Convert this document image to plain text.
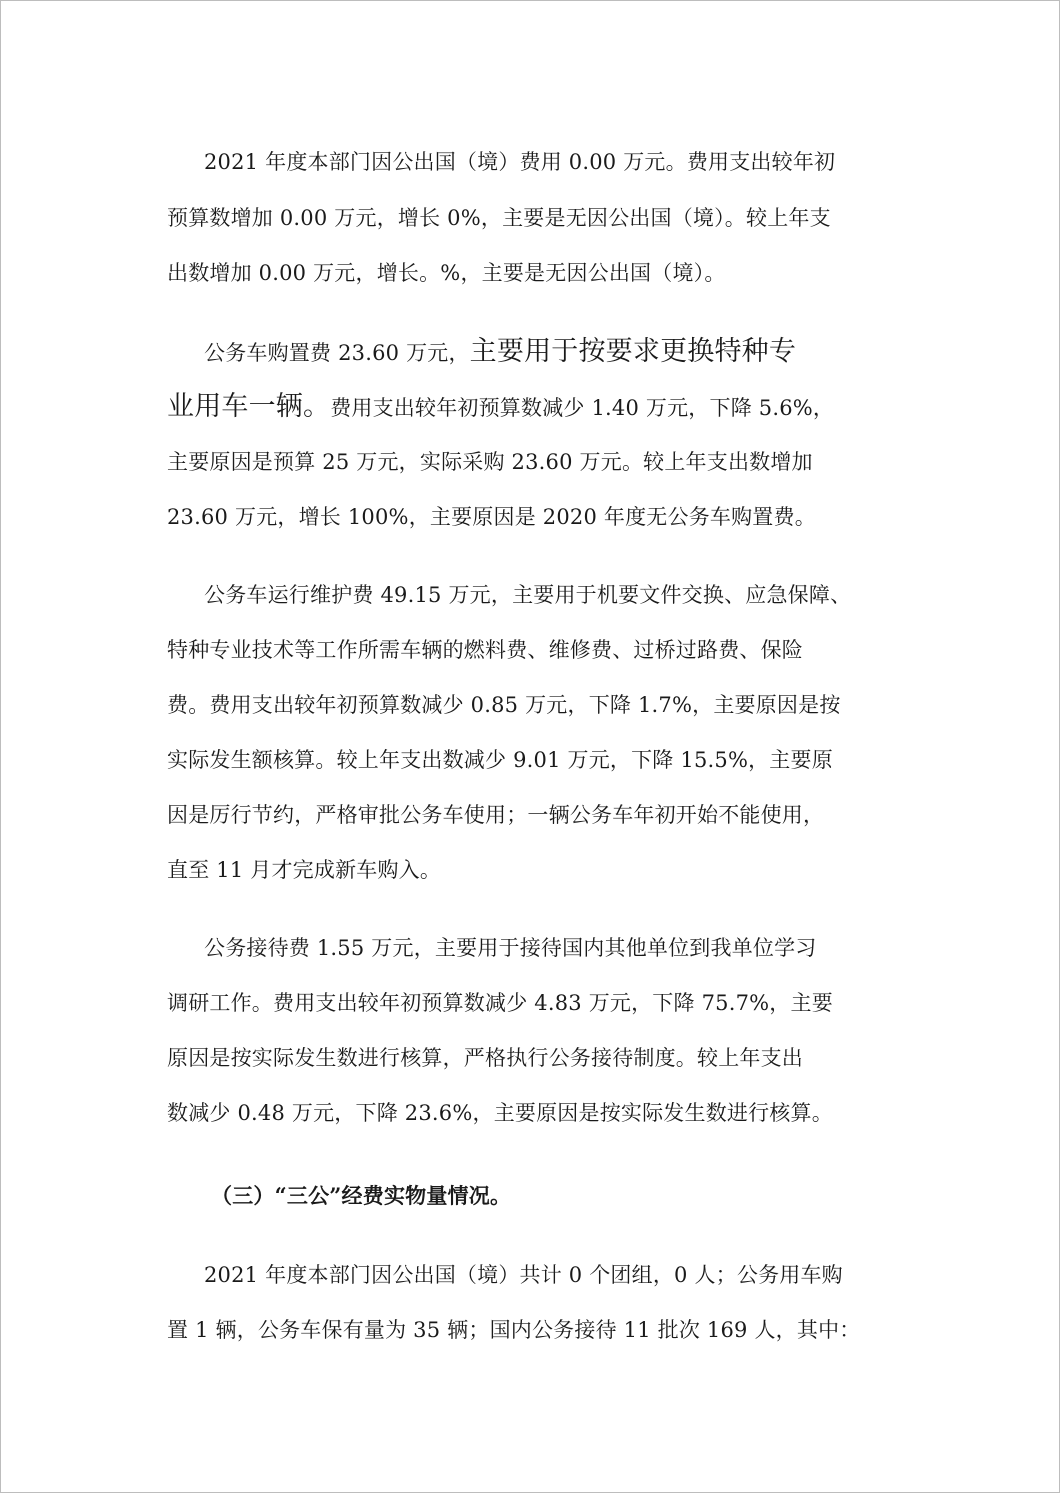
2021 年度本部门因公出国（境）费用 0.00 万元。费用支出较年初
预算数增加 0.00 万元，增长 0%，主要是无因公出国（境）。较上年支
出数增加 0.00 万元，增长。%，主要是无因公出国（境）。
公务车购置费 23.60 万元，主要用于按要求更换特种专
业用车一辆。费用支出较年初预算数减少 1.40 万元，下降 5.6%，
主要原因是预算 25 万元，实际采购 23.60 万元。较上年支出数增加
23.60 万元，增长 100%，主要原因是 2020 年度无公务车购置费。
公务车运行维护费 49.15 万元，主要用于机要文件交换、应急保障、
特种专业技术等工作所需车辆的燃料费、维修费、过桥过路费、保险
费。费用支出较年初预算数减少 0.85 万元，下降 1.7%，主要原因是按
实际发生额核算。较上年支出数减少 9.01 万元，下降 15.5%，主要原
因是厉行节约，严格审批公务车使用；一辆公务车年初开始不能使用，
直至 11 月才完成新车购入。
公务接待费 1.55 万元，主要用于接待国内其他单位到我单位学习
调研工作。费用支出较年初预算数减少 4.83 万元，下降 75.7%，主要
原因是按实际发生数进行核算，严格执行公务接待制度。较上年支出
数减少 0.48 万元，下降 23.6%，主要原因是按实际发生数进行核算。
（三）“三公”经费实物量情况。
2021 年度本部门因公出国（境）共计 0 个团组，0 人；公务用车购
置 1 辆，公务车保有量为 35 辆；国内公务接待 11 批次 169 人，其中：
